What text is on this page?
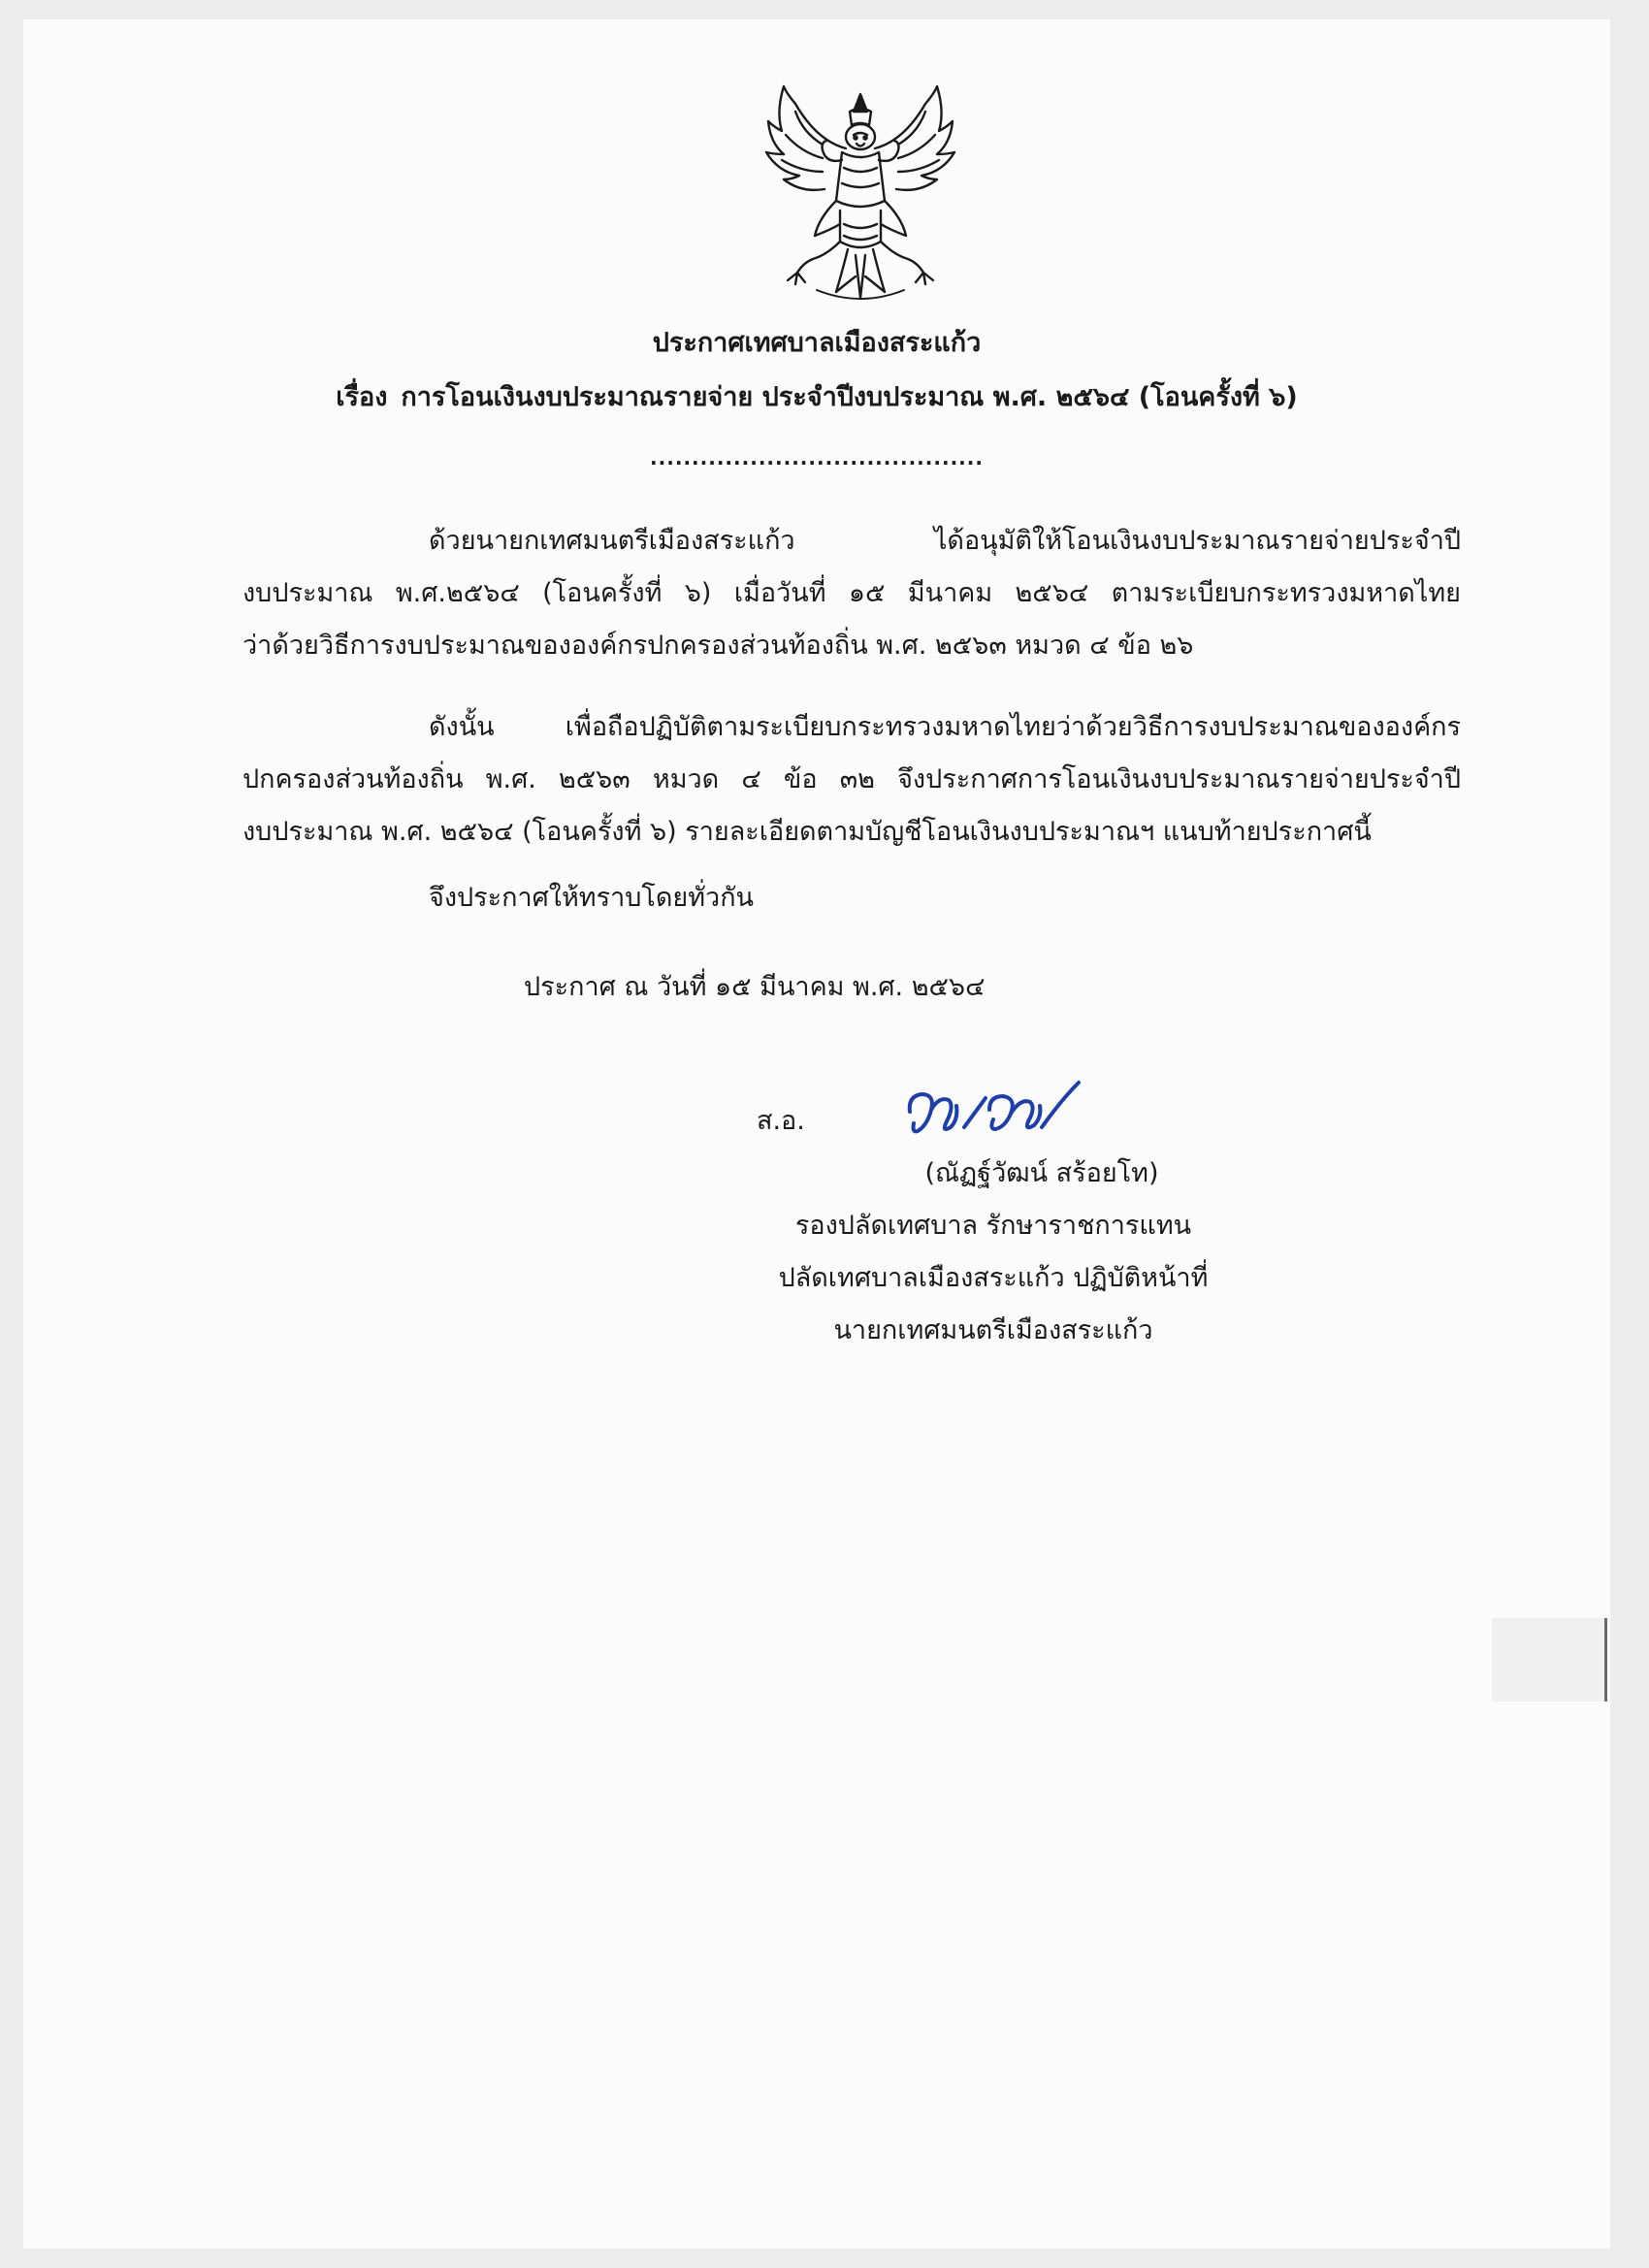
ประกาศเทศบาลเมืองสระแก้ว
เรื่อง การโอนเงินงบประมาณรายจ่าย ประจำปีงบประมาณ พ.ศ. ๒๕๖๔ (โอนครั้งที่ ๖)
........................................
ด้วยนายกเทศมนตรีเมืองสระแก้ว ได้อนุมัติให้โอนเงินงบประมาณรายจ่ายประจำปี
งบประมาณ พ.ศ.๒๕๖๔ (โอนครั้งที่ ๖) เมื่อวันที่ ๑๕ มีนาคม ๒๕๖๔ ตามระเบียบกระทรวงมหาดไทย
ว่าด้วยวิธีการงบประมาณขององค์กรปกครองส่วนท้องถิ่น พ.ศ. ๒๕๖๓ หมวด ๔ ข้อ ๒๖
ดังนั้น เพื่อถือปฏิบัติตามระเบียบกระทรวงมหาดไทยว่าด้วยวิธีการงบประมาณขององค์กร
ปกครองส่วนท้องถิ่น พ.ศ. ๒๕๖๓ หมวด ๔ ข้อ ๓๒ จึงประกาศการโอนเงินงบประมาณรายจ่ายประจำปี
งบประมาณ พ.ศ. ๒๕๖๔ (โอนครั้งที่ ๖) รายละเอียดตามบัญชีโอนเงินงบประมาณฯ แนบท้ายประกาศนี้
จึงประกาศให้ทราบโดยทั่วกัน
ประกาศ ณ วันที่ ๑๕ มีนาคม พ.ศ. ๒๕๖๔
ส.อ.
(ณัฏฐ์วัฒน์ สร้อยโท)
รองปลัดเทศบาล รักษาราชการแทน
ปลัดเทศบาลเมืองสระแก้ว ปฏิบัติหน้าที่
นายกเทศมนตรีเมืองสระแก้ว
